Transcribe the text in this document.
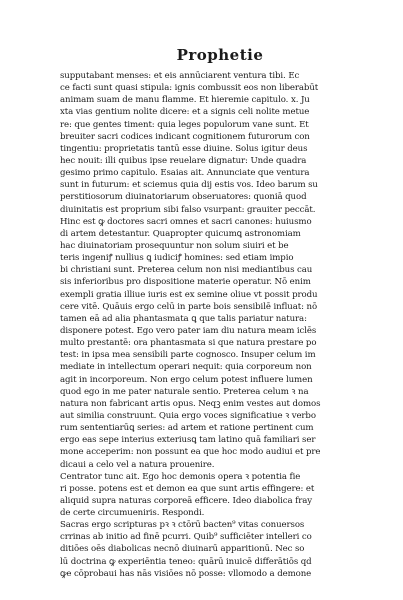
Prophetie
supputabant menses: et eis annūciarent ventura tibi. Ec
ce facti sunt quasi stipula: ignis combussit eos non liberabūt
animam suam de manu flamme. Et hieremie capitulo. x. Ju
xta vias gentium nolite dicere: et a signis celi nolite metue
re: que gentes timent: quia leges populorum vane sunt. Et
breuiter sacri codices indicant cognitionem futurorum con
tingentiu: proprietatis tantū esse diuine. Solus igitur deus
hec nouit: illi quibus ipse reuelare dignatur: Unde quadra
gesimo primo capitulo. Esaias ait. Annunciate que ventura
sunt in futurum: et sciemus quia dij estis vos. Ideo barum su
perstitiosorum diuinatoriarum obseruatores: quoniā quod
diuinitatis est proprium sibi falso vsurpant: grauiter peccāt.
Hinc est ꝙ doctores sacri omnes et sacri canones: huiusmo
di artem detestantur. Quapropter quicumꝗ astronomiam
hac diuinatoriam prosequuntur non solum siuiri et be
teris ingeniꝭ nullius ꝗ iudiciꝭ homines: sed etiam impio
bi christiani sunt. Preterea celum non nisi mediantibus cau
sis inferioribus pro dispositione materie operatur. Nō enim
exempli gratia illiue iuris est ex semine oliue vt possit produ
cere vitē. Quāuis ergo celū in parte bois sensibilē influat: nō
tamen eā ad alia phantasmata ꝗ que talis pariatur natura:
disponere potest. Ego vero pater iam diu natura meam iclēs
multo prestantē: ora phantasmata si que natura prestare po
test: in ipsa mea sensibili parte cognosco. Insuper celum im
mediate in intellectum operari nequit: quia corporeum non
agit in incorporeum. Non ergo celum potest influere lumen
quod ego in me pater naturale sentio. Preterea celum ꝛ na
natura non fabricant artis opus. Neqꝫ enim vestes aut domos
aut similia construunt. Quia ergo voces significatiue ꝛ verbo
rum sententiarūꝗ series: ad artem et ratione pertinent cum
ergo eas sepe interius exteriusꝗ tam latino quā familiari ser
mone acceperim: non possunt ea que hoc modo audiui et pre
dicaui a celo vel a natura prouenire.
Centrator tunc ait. Ego hoc demonis opera ꝛ potentia fie
ri posse. potens est et demon ea que sunt artis effingere: et
aliquid supra naturas corporeā efficere. Ideo diabolica fray
de certe circumueniris. Respondi.
Sacras ergo scripturas pꝛ ꝛ ctōrū bacten⁹ vitas conuersos
crrinas ab initio ad finē pcurri. Quib⁹ sufficiēter intelleri co
ditiōes oēs diabolicas necnō diuinarū apparitionū. Nec so
lū doctrina ꝙ experiēntia teneo: quārū inuicē differātiōs qd
ꝙe cōprobaui has nās visiōes nō posse: vllomodo a demone
